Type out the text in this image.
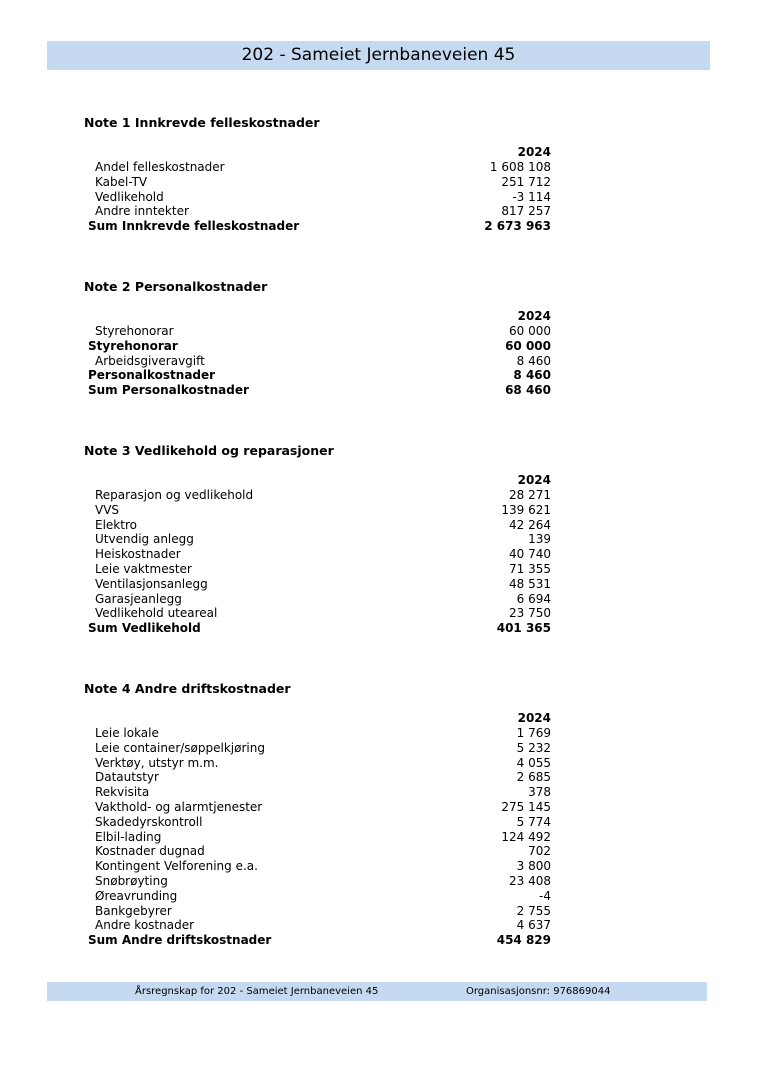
202 - Sameiet Jernbaneveien 45
Note 1 Innkrevde felleskostnader
2024
Andel felleskostnader	1 608 108
Kabel-TV	251 712
Vedlikehold	-3 114
Andre inntekter	817 257
Sum Innkrevde felleskostnader	2 673 963
Note 2 Personalkostnader
2024
Styrehonorar	60 000
Styrehonorar	60 000
Arbeidsgiveravgift	8 460
Personalkostnader	8 460
Sum Personalkostnader	68 460
Note 3 Vedlikehold og reparasjoner
2024
Reparasjon og vedlikehold	28 271
VVS	139 621
Elektro	42 264
Utvendig anlegg	139
Heiskostnader	40 740
Leie vaktmester	71 355
Ventilasjonsanlegg	48 531
Garasjeanlegg	6 694
Vedlikehold uteareal	23 750
Sum Vedlikehold	401 365
Note 4 Andre driftskostnader
2024
Leie lokale	1 769
Leie container/søppelkjøring	5 232
Verktøy, utstyr m.m.	4 055
Datautstyr	2 685
Rekvisita	378
Vakthold- og alarmtjenester	275 145
Skadedyrskontroll	5 774
Elbil-lading	124 492
Kostnader dugnad	702
Kontingent Velforening e.a.	3 800
Snøbrøyting	23 408
Øreavrunding	-4
Bankgebyrer	2 755
Andre kostnader	4 637
Sum Andre driftskostnader	454 829
Årsregnskap for 202 - Sameiet Jernbaneveien 45	Organisasjonsnr: 976869044
